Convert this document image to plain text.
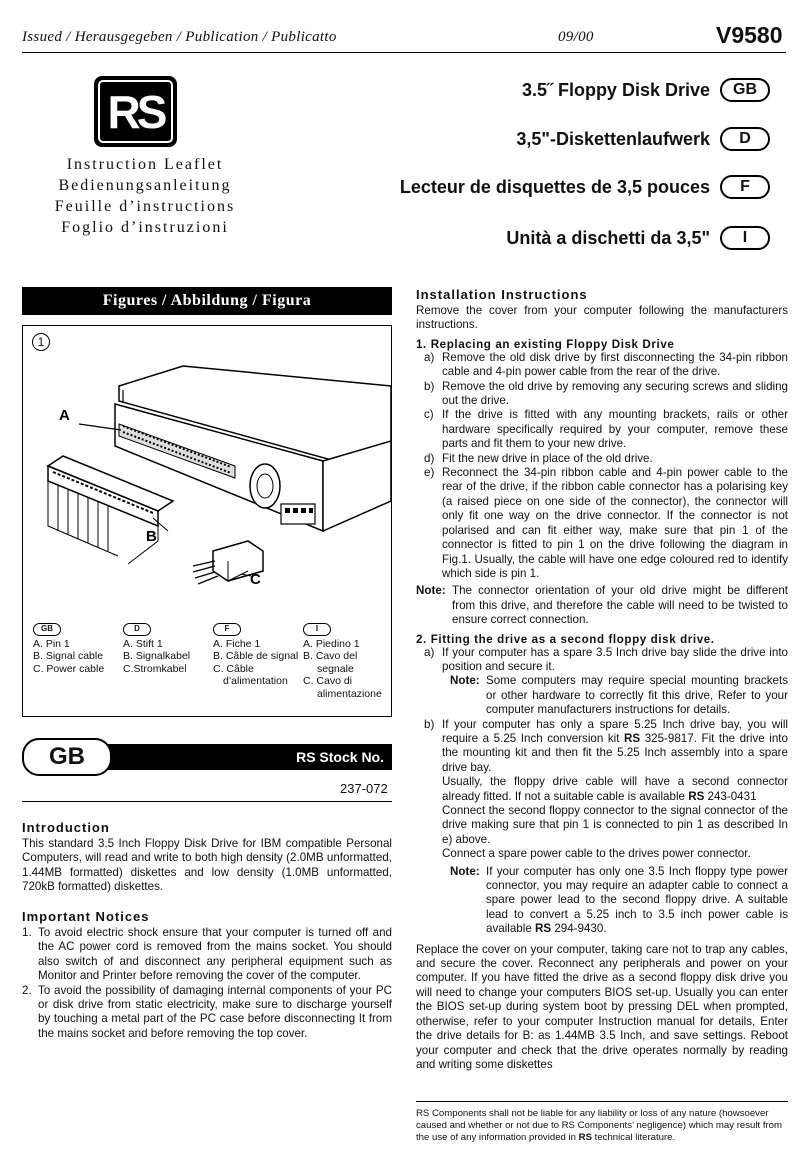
Issued / Herausgegeben / Publication / Publicatto	09/00	V9580
RS
Instruction Leaflet
Bedienungsanleitung
Feuille d’instructions
Foglio d’instruzioni
3.5˝ Floppy Disk Drive	GB
3,5"-Diskettenlaufwerk	D
Lecteur de disquettes de 3,5 pouces	F
Unità a dischetti da 3,5"	I
Figures / Abbildung / Figura
1
A
B
C
GB
A. Pin 1
B. Signal cable
C. Power cable
D
A. Stift 1
B. Signalkabel
C.Stromkabel
F
A. Fiche 1
B. Câble de signal
C. Câble d’alimentation
I
A. Piedino 1
B. Cavo del segnale
C. Cavo di alimentazione
GB	RS Stock No.
237-072
Introduction
This standard 3.5 Inch Floppy Disk Drive for IBM compatible Personal Computers, will read and write to both high density (2.0MB unformatted, 1.44MB formatted) diskettes and low density (1.0MB unformatted, 720kB formatted) diskettes.
Important Notices
1. To avoid electric shock ensure that your computer is turned off and the AC power cord is removed from the mains socket. You should also switch of and disconnect any peripheral equipment such as Monitor and Printer before removing the cover of the computer.
2. To avoid the possibility of damaging internal components of your PC or disk drive from static electricity, make sure to discharge yourself by touching a metal part of the PC case before disconnecting It from the mains socket and before removing the top cover.
Installation Instructions
Remove the cover from your computer following the manufacturers instructions.
1. Replacing an existing Floppy Disk Drive
a) Remove the old disk drive by first disconnecting the 34-pin ribbon cable and 4-pin power cable from the rear of the drive.
b) Remove the old drive by removing any securing screws and sliding out the drive.
c) If the drive is fitted with any mounting brackets, rails or other hardware specifically required by your computer, remove these parts and fit them to your new drive.
d) Fit the new drive in place of the old drive.
e) Reconnect the 34-pin ribbon cable and 4-pin power cable to the rear of the drive, if the ribbon cable connector has a polarising key (a raised piece on one side of the connector), the connector will only fit one way on the drive connector. If the connector is not polarised and can fit either way, make sure that pin 1 of the connector is fitted to pin 1 on the drive following the diagram in Fig.1. Usually, the cable will have one edge coloured red to identify which side is pin 1.
Note: The connector orientation of your old drive might be different from this drive, and therefore the cable will need to be twisted to ensure correct connection.
2. Fitting the drive as a second floppy disk drive.
a) If your computer has a spare 3.5 Inch drive bay slide the drive into position and secure it.
Note: Some computers may require special mounting brackets or other hardware to correctly fit this drive, Refer to your computer manufacturers instructions for details.
b) If your computer has only a spare 5.25 Inch drive bay, you will require a 5.25 Inch conversion kit RS 325-9817. Fit the drive into the mounting kit and then fit the 5.25 Inch assembly into a spare drive bay.
Usually, the floppy drive cable will have a second connector already fitted. If not a suitable cable is available RS 243-0431
Connect the second floppy connector to the signal connector of the drive making sure that pin 1 is connected to pin 1 as described In e) above.
Connect a spare power cable to the drives power connector.
Note: If your computer has only one 3.5 Inch floppy type power connector, you may require an adapter cable to connect a spare power lead to the second floppy drive. A suitable lead to convert a 5.25 inch to 3.5 inch power cable is available RS 294-9430.
Replace the cover on your computer, taking care not to trap any cables, and secure the cover. Reconnect any peripherals and power on your computer. If you have fitted the drive as a second floppy disk drive you will need to change your computers BIOS set-up. Usually you can enter the BIOS set-up during system boot by pressing DEL when prompted, otherwise, refer to your computer Instruction manual for details, Enter the drive details for B: as 1.44MB 3.5 Inch, and save settings. Reboot your computer and check that the drive operates normally by reading and writing some diskettes
RS Components shall not be liable for any liability or loss of any nature (howsoever caused and whether or not due to RS Components’ negligence) which may result from the use of any information provided in RS technical literature.
